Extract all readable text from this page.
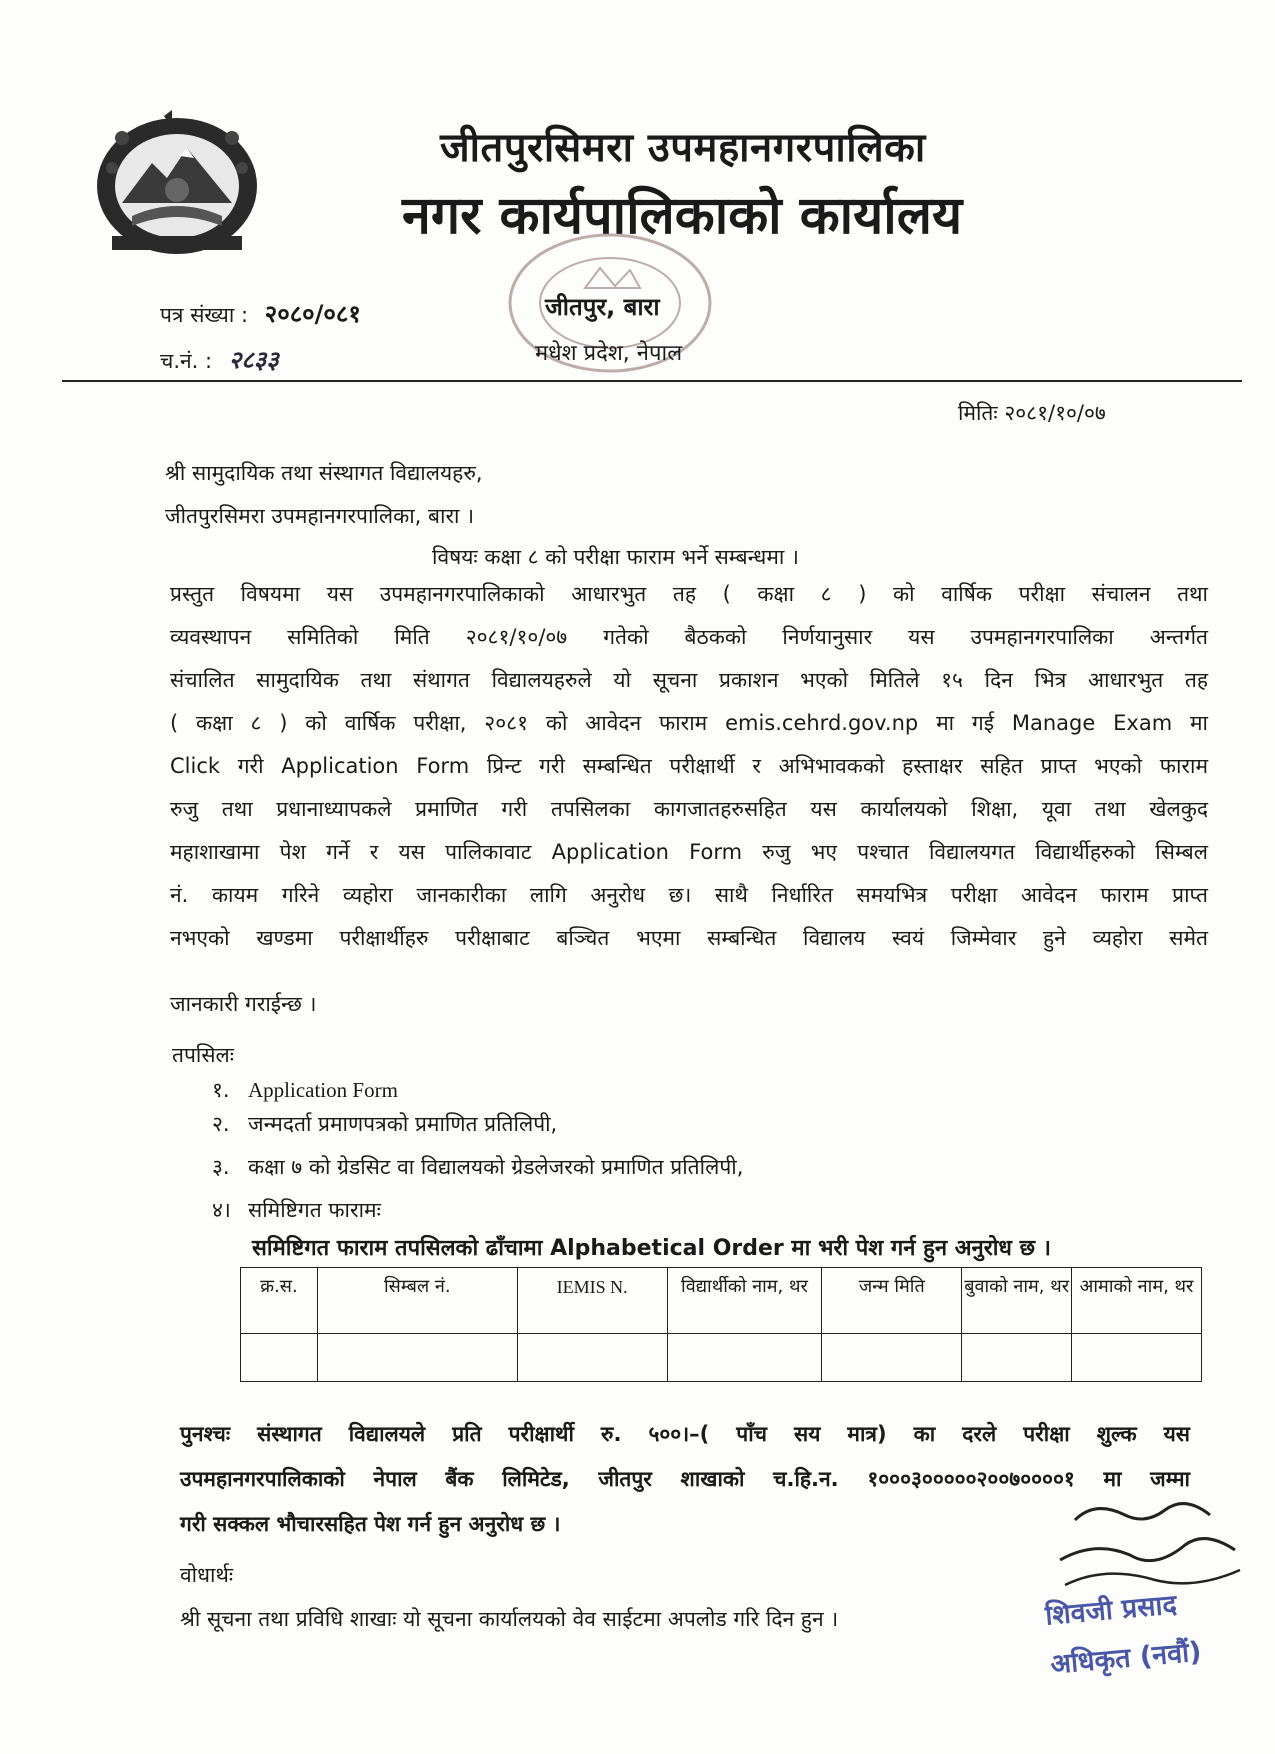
जीतपुरसिमरा उपमहानगरपालिका
नगर कार्यपालिकाको कार्यालय
पत्र संख्या : २०८०/०८१
च.नं. : २८३३
जीतपुर, बारा
मधेश प्रदेश, नेपाल
मितिः २०८१/१०/०७
श्री सामुदायिक तथा संस्थागत विद्यालयहरु,
जीतपुरसिमरा उपमहानगरपालिका, बारा ।
विषयः कक्षा ८ को परीक्षा फाराम भर्ने सम्बन्धमा ।
प्रस्तुत विषयमा यस उपमहानगरपालिकाको आधारभुत तह ( कक्षा ८ ) को वार्षिक परीक्षा संचालन तथा
व्यवस्थापन समितिको मिति २०८१/१०/०७ गतेको बैठकको निर्णयानुसार यस उपमहानगरपालिका अन्तर्गत
संचालित सामुदायिक तथा संथागत विद्यालयहरुले यो सूचना प्रकाशन भएको मितिले १५ दिन भित्र आधारभुत तह
( कक्षा ८ ) को वार्षिक परीक्षा, २०८१ को आवेदन फाराम emis.cehrd.gov.np मा गई Manage Exam मा
Click गरी Application Form प्रिन्ट गरी सम्बन्धित परीक्षार्थी र अभिभावकको हस्ताक्षर सहित प्राप्त भएको फाराम
रुजु तथा प्रधानाध्यापकले प्रमाणित गरी तपसिलका कागजातहरुसहित यस कार्यालयको शिक्षा, यूवा तथा खेलकुद
महाशाखामा पेश गर्ने र यस पालिकावाट Application Form रुजु भए पश्चात विद्यालयगत विद्यार्थीहरुको सिम्बल
नं. कायम गरिने व्यहोरा जानकारीका लागि अनुरोध छ। साथै निर्धारित समयभित्र परीक्षा आवेदन फाराम प्राप्त
नभएको खण्डमा परीक्षार्थीहरु परीक्षाबाट बञ्चित भएमा सम्बन्धित विद्यालय स्वयं जिम्मेवार हुने व्यहोरा समेत
जानकारी गराईन्छ ।
तपसिलः
१. Application Form
२. जन्मदर्ता प्रमाणपत्रको प्रमाणित प्रतिलिपी,
३. कक्षा ७ को ग्रेडसिट वा विद्यालयको ग्रेडलेजरको प्रमाणित प्रतिलिपी,
४। समिष्टिगत फारामः
समिष्टिगत फाराम तपसिलको ढाँचामा Alphabetical Order मा भरी पेश गर्न हुन अनुरोध छ ।
क्र.स.	सिम्बल नं.	IEMIS N.	विद्यार्थीको नाम, थर	जन्म मिति	बुवाको नाम, थर	आमाको नाम, थर

पुनश्चः संस्थागत विद्यालयले प्रति परीक्षार्थी रु. ५००।–( पाँच सय मात्र) का दरले परीक्षा शुल्क यस
उपमहानगरपालिकाको नेपाल बैंक लिमिटेड, जीतपुर शाखाको च.हि.न. १०००३०००००२००७००००१ मा जम्मा
गरी सक्कल भौचारसहित पेश गर्न हुन अनुरोध छ ।
वोधार्थः
श्री सूचना तथा प्रविधि शाखाः यो सूचना कार्यालयको वेव साईटमा अपलोड गरि दिन हुन ।	शिवजी प्रसाद
अधिकृत (नवौं)
